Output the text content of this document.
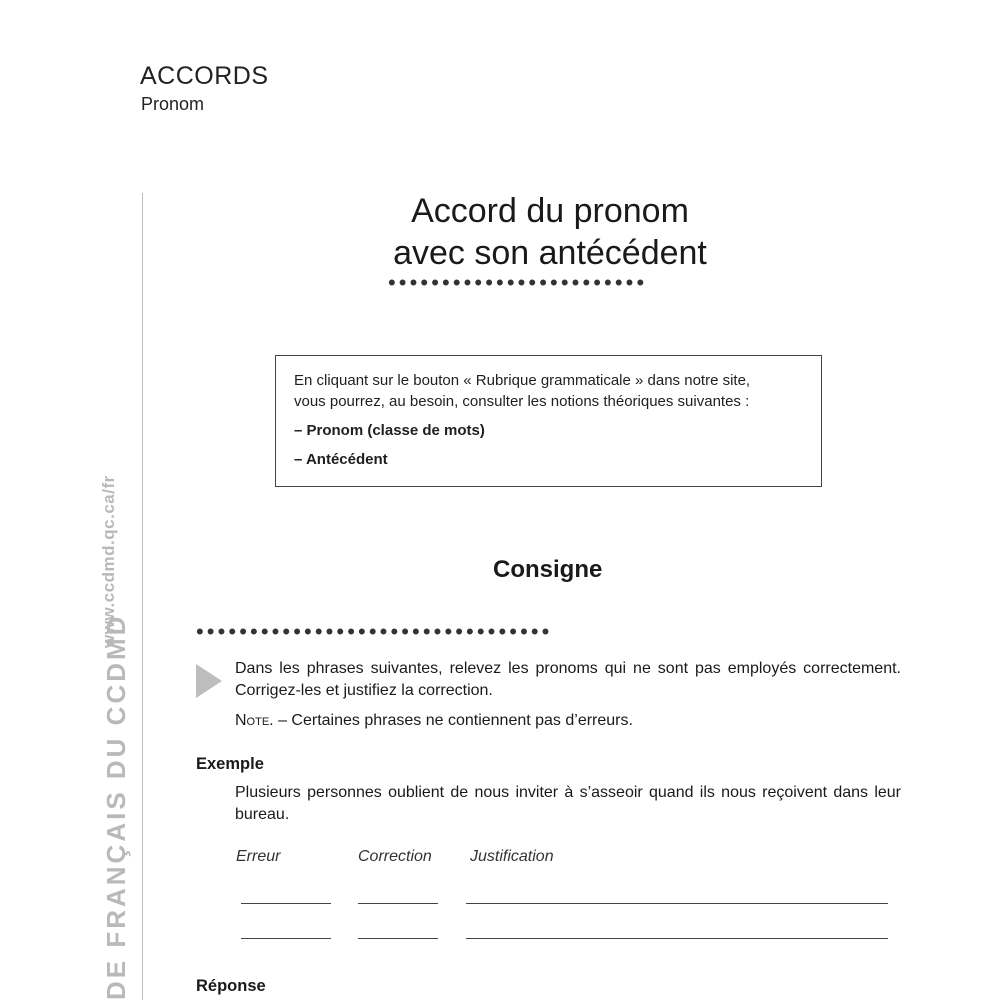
ACCORDS
Pronom
DE FRANÇAIS DU CCDMD
www.ccdmd.qc.ca/fr
Accord du pronom
avec son antécédent
••••••••••••••••••••••••
En cliquant sur le bouton « Rubrique grammaticale » dans notre site,
vous pourrez, au besoin, consulter les notions théoriques suivantes :
– Pronom (classe de mots)
– Antécédent
Consigne
•••••••••••••••••••••••••••••••••
Dans les phrases suivantes, relevez les pronoms qui ne sont pas employés correctement. Corrigez-les et justifiez la correction.
Note. – Certaines phrases ne contiennent pas d’erreurs.
Exemple
Plusieurs personnes oublient de nous inviter à s’asseoir quand ils nous reçoivent dans leur bureau.
Erreur	Correction Justification
Réponse
